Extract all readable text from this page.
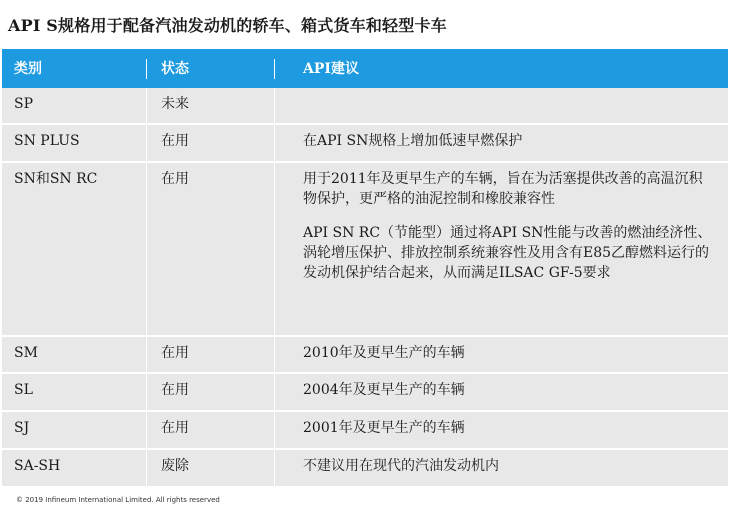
API S规格用于配备汽油发动机的轿车、箱式货车和轻型卡车
类别	状态	API建议
SP	未来

SN PLUS	在用	在API SN规格上增加低速早燃保护

SN和SN RC	在用	用于2011年及更早生产的车辆，旨在为活塞提供改善的高温沉积物保护，更严格的油泥控制和橡胶兼容性

API SN RC（节能型）通过将API SN性能与改善的燃油经济性、涡轮增压保护、排放控制系统兼容性及用含有E85乙醇燃料运行的发动机保护结合起来，从而满足ILSAC GF-5要求

SM	在用	2010年及更早生产的车辆

SL	在用	2004年及更早生产的车辆

SJ	在用	2001年及更早生产的车辆

SA-SH	废除	不建议用在现代的汽油发动机内

© 2019 Infineum International Limited. All rights reserved
